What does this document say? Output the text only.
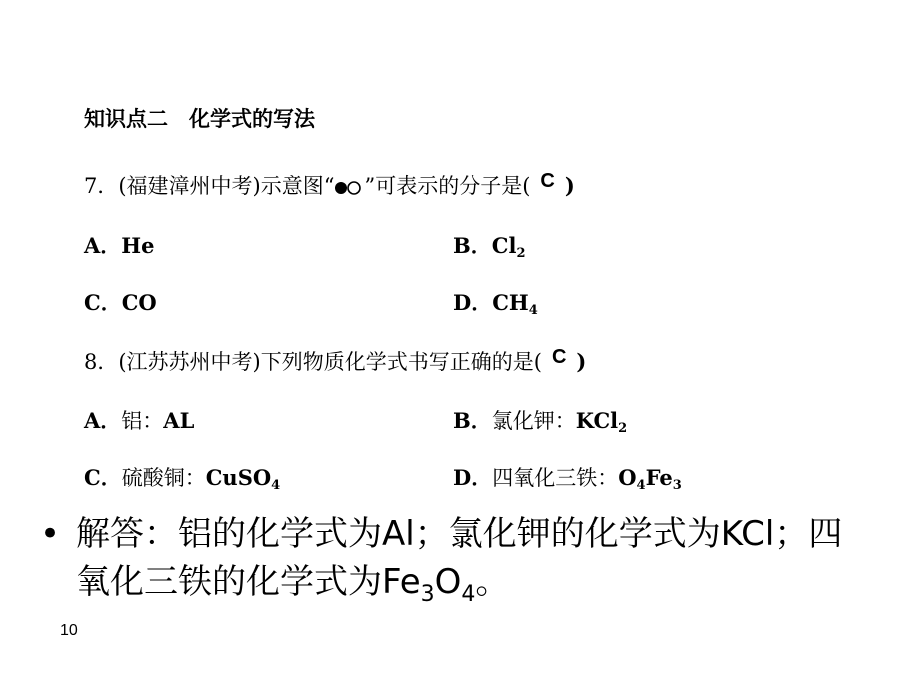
知识点二　化学式的写法
7．(福建漳州中考)示意图“ ”可表示的分子是( C )
A．He	B．$Cl_2$
C．CO	D．$CH_4$
8．(江苏苏州中考)下列物质化学式书写正确的是( C )
A．铝：AL	B．氯化钾：KCl$_2$
C．硫酸铜：CuSO$_4$	D．四氧化三铁：$O_4Fe_3$
• 解答：铝的化学式为Al；氯化钾的化学式为KCl；四氧化三铁的化学式为$Fe_3O_4$。
10
